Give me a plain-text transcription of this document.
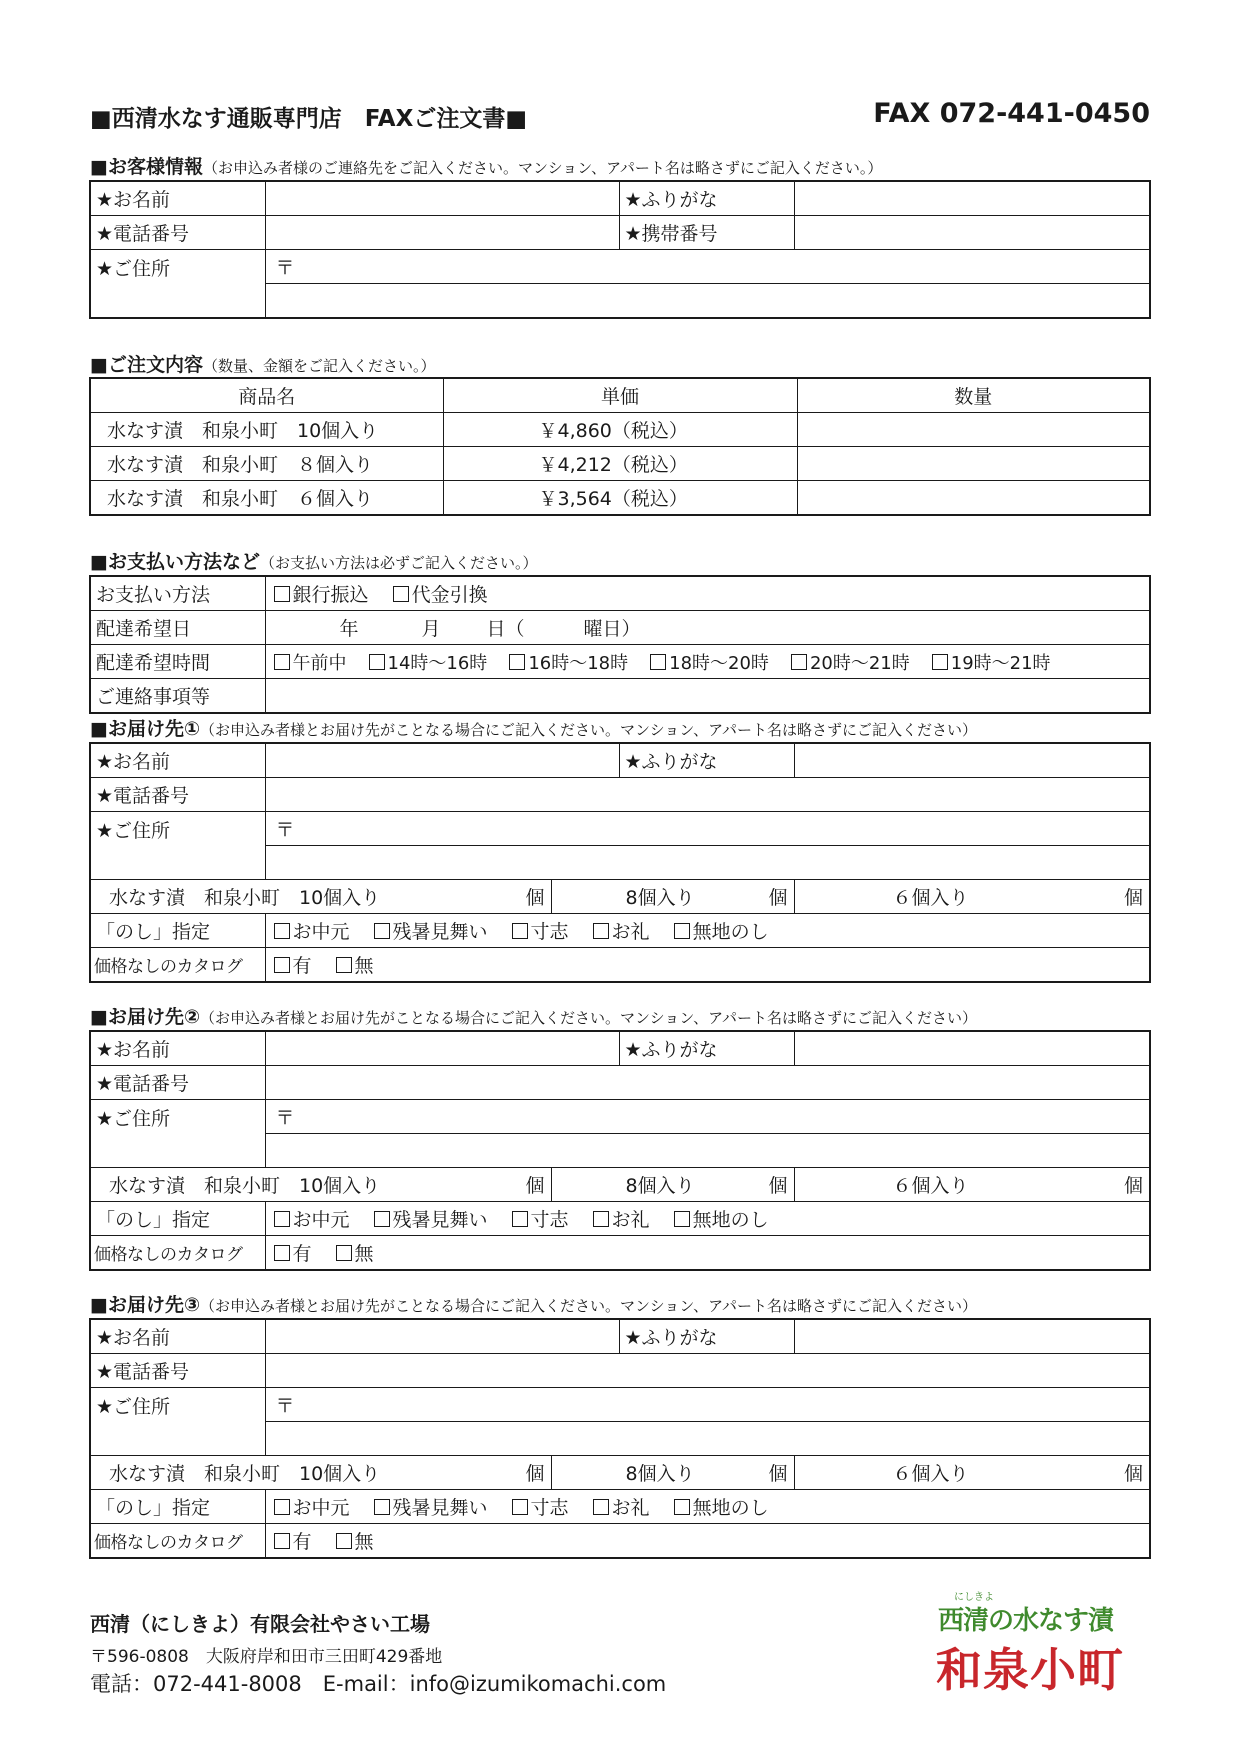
■西清水なす通販専門店　FAXご注文書■	FAX 072-441-0450
■お客様情報（お申込み者様のご連絡先をご記入ください。マンション、アパート名は略さずにご記入ください。）
★お名前		★ふりがな	
★電話番号		★携帯番号	
★ご住所	〒		

■ご注文内容（数量、金額をご記入ください。）
商品名	単価	数量
水なす漬　和泉小町　10個入り	￥4,860（税込）	
水なす漬　和泉小町　８個入り	￥4,212（税込）	
水なす漬　和泉小町　６個入り	￥3,564（税込）	
■お支払い方法など（お支払い方法は必ずご記入ください。）
お支払い方法	銀行振込 代金引換
配達希望日	年 月 日（ 曜日）
配達希望時間	午前中 14時〜16時 16時〜18時 18時〜20時 20時〜21時 19時〜21時
ご連絡事項等	
■お届け先①（お申込み者様とお届け先がことなる場合にご記入ください。マンション、アパート名は略さずにご記入ください）
★お名前			★ふりがな	
★電話番号				
★ご住所	〒			

水なす漬　和泉小町　10個入り 個		8個入り 個		６個入り 個

「のし」指定	お中元 残暑見舞い 寸志 お礼 無地のし			
価格なしのカタログ	有 無			
■お届け先②（お申込み者様とお届け先がことなる場合にご記入ください。マンション、アパート名は略さずにご記入ください）
★お名前			★ふりがな	
★電話番号				
★ご住所	〒			

水なす漬　和泉小町　10個入り 個		8個入り 個		６個入り 個

「のし」指定	お中元 残暑見舞い 寸志 お礼 無地のし			
価格なしのカタログ	有 無			
■お届け先③（お申込み者様とお届け先がことなる場合にご記入ください。マンション、アパート名は略さずにご記入ください）
★お名前			★ふりがな	
★電話番号				
★ご住所	〒			

水なす漬　和泉小町　10個入り 個		8個入り 個		６個入り 個

「のし」指定	お中元 残暑見舞い 寸志 お礼 無地のし			
価格なしのカタログ	有 無			
西清（にしきよ）有限会社やさい工場
〒596-0808　大阪府岸和田市三田町429番地
電話：072-441-8008　E-mail：info@izumikomachi.com
にしきよ
西清の水なす漬
和泉小町
